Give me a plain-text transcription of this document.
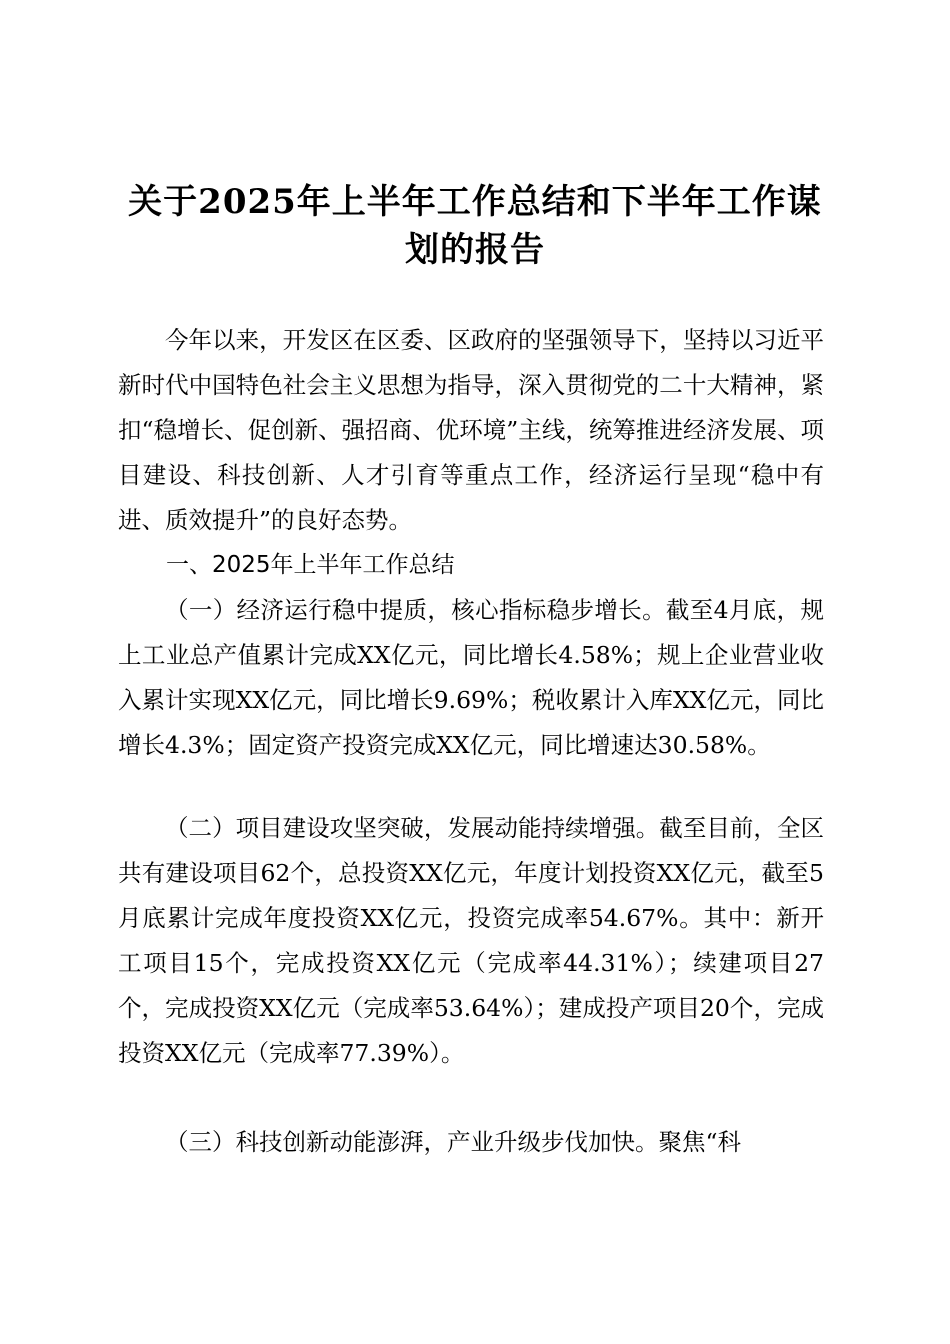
关于2025年上半年工作总结和下半年工作谋
划的报告

今年以来，开发区在区委、区政府的坚强领导下，坚持以习近平新时代中国特色社会主义思想为指导，深入贯彻党的二十大精神，紧扣“稳增长、促创新、强招商、优环境”主线，统筹推进经济发展、项目建设、科技创新、人才引育等重点工作，经济运行呈现“稳中有进、质效提升”的良好态势。

一、2025年上半年工作总结

（一）经济运行稳中提质，核心指标稳步增长。截至4月底，规上工业总产值累计完成XX亿元，同比增长4.58%；规上企业营业收入累计实现XX亿元，同比增长9.69%；税收累计入库XX亿元，同比增长4.3%；固定资产投资完成XX亿元，同比增速达30.58%。

（二）项目建设攻坚突破，发展动能持续增强。截至目前，全区共有建设项目62个，总投资XX亿元，年度计划投资XX亿元，截至5月底累计完成年度投资XX亿元，投资完成率54.67%。其中：新开工项目15个，完成投资XX亿元（完成率44.31%）；续建项目27个，完成投资XX亿元（完成率53.64%）；建成投产项目20个，完成投资XX亿元（完成率77.39%）。

（三）科技创新动能澎湃，产业升级步伐加快。聚焦“科
